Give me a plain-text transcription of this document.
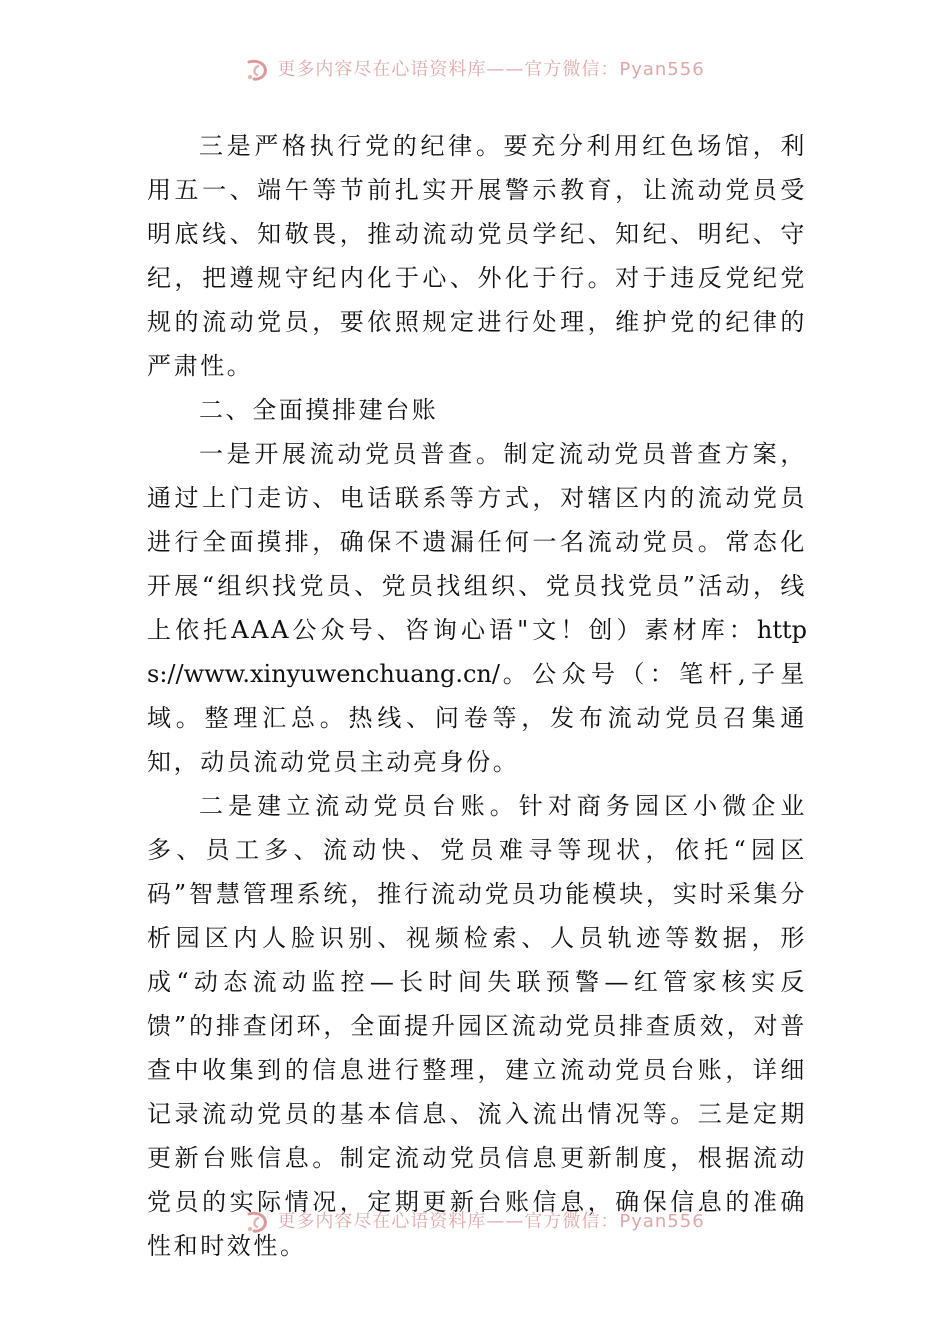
更多内容尽在心语资料库——官方微信：Pyan556

三是严格执行党的纪律。要充分利用红色场馆，利用五一、端午等节前扎实开展警示教育，让流动党员受明底线、知敬畏，推动流动党员学纪、知纪、明纪、守纪，把遵规守纪内化于心、外化于行。对于违反党纪党规的流动党员，要依照规定进行处理，维护党的纪律的严肃性。

二、全面摸排建台账

一是开展流动党员普查。制定流动党员普查方案，通过上门走访、电话联系等方式，对辖区内的流动党员进行全面摸排，确保不遗漏任何一名流动党员。常态化开展“组织找党员、党员找组织、党员找党员”活动，线上依托AAA公众号、咨询心语"文！创）素材库：https://www.xinyuwenchuang.cn/。公众号（：笔杆,子星域。整理汇总。热线、问卷等，发布流动党员召集通知，动员流动党员主动亮身份。

二是建立流动党员台账。针对商务园区小微企业多、员工多、流动快、党员难寻等现状，依托“园区码”智慧管理系统，推行流动党员功能模块，实时采集分析园区内人脸识别、视频检索、人员轨迹等数据，形成“动态流动监控—长时间失联预警—红管家核实反馈”的排查闭环，全面提升园区流动党员排查质效，对普查中收集到的信息进行整理，建立流动党员台账，详细记录流动党员的基本信息、流入流出情况等。三是定期更新台账信息。制定流动党员信息更新制度，根据流动党员的实际情况，定期更新台账信息，确保信息的准确性和时效性。

更多内容尽在心语资料库——官方微信：Pyan556
